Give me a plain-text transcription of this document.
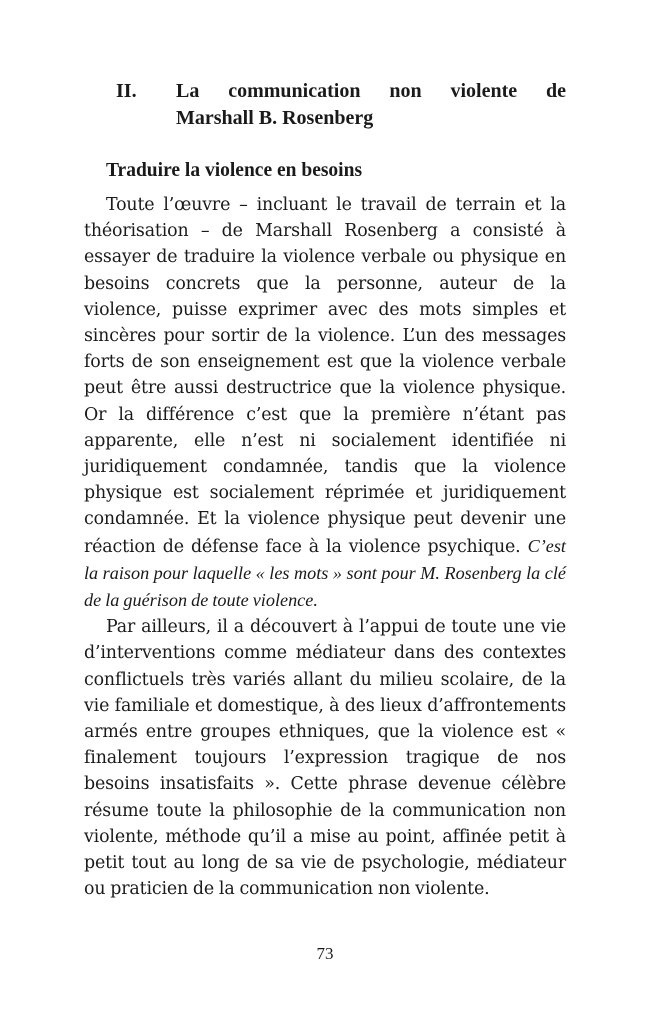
II.	La communication non violente de
Marshall B. Rosenberg
Traduire la violence en besoins

Toute l’œuvre – incluant le travail de terrain et la théorisation – de Marshall Rosenberg a consisté à essayer de traduire la violence verbale ou physique en besoins concrets que la personne, auteur de la violence, puisse exprimer avec des mots simples et sincères pour sortir de la violence. L’un des messages forts de son enseignement est que la violence verbale peut être aussi destructrice que la violence physique. Or la différence c’est que la première n’étant pas apparente, elle n’est ni socialement identifiée ni juridiquement condamnée, tandis que la violence physique est socialement réprimée et juridiquement condamnée. Et la violence physique peut devenir une réaction de défense face à la violence psychique. C’est la raison pour laquelle « les mots » sont pour M. Rosenberg la clé de la guérison de toute violence.

Par ailleurs, il a découvert à l’appui de toute une vie d’interventions comme médiateur dans des contextes conflictuels très variés allant du milieu scolaire, de la vie familiale et domestique, à des lieux d’affrontements armés entre groupes ethniques, que la violence est « finalement toujours l’expression tragique de nos besoins insatisfaits ». Cette phrase devenue célèbre résume toute la philosophie de la communication non violente, méthode qu’il a mise au point, affinée petit à petit tout au long de sa vie de psychologie, médiateur ou praticien de la communication non violente.

73
